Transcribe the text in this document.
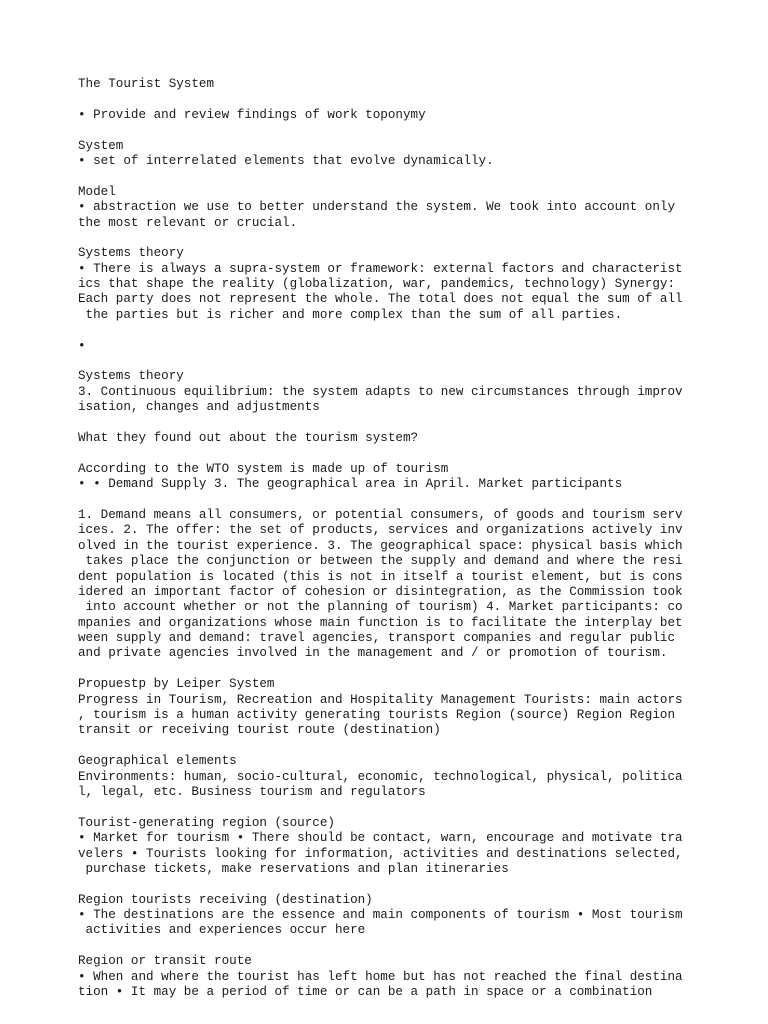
The Tourist System
• Provide and review findings of work toponymy
System
• set of interrelated elements that evolve dynamically.
Model
• abstraction we use to better understand the system. We took into account only
the most relevant or crucial.
Systems theory
• There is always a supra-system or framework: external factors and characterist
ics that shape the reality (globalization, war, pandemics, technology) Synergy:
Each party does not represent the whole. The total does not equal the sum of all
the parties but is richer and more complex than the sum of all parties.
•
Systems theory
3. Continuous equilibrium: the system adapts to new circumstances through improv
isation, changes and adjustments
What they found out about the tourism system?
According to the WTO system is made up of tourism
• • Demand Supply 3. The geographical area in April. Market participants
1. Demand means all consumers, or potential consumers, of goods and tourism serv
ices. 2. The offer: the set of products, services and organizations actively inv
olved in the tourist experience. 3. The geographical space: physical basis which
takes place the conjunction or between the supply and demand and where the resi
dent population is located (this is not in itself a tourist element, but is cons
idered an important factor of cohesion or disintegration, as the Commission took
into account whether or not the planning of tourism) 4. Market participants: co
mpanies and organizations whose main function is to facilitate the interplay bet
ween supply and demand: travel agencies, transport companies and regular public
and private agencies involved in the management and / or promotion of tourism.
Propuestp by Leiper System
Progress in Tourism, Recreation and Hospitality Management Tourists: main actors
, tourism is a human activity generating tourists Region (source) Region Region
transit or receiving tourist route (destination)
Geographical elements
Environments: human, socio-cultural, economic, technological, physical, politica
l, legal, etc. Business tourism and regulators
Tourist-generating region (source)
• Market for tourism • There should be contact, warn, encourage and motivate tra
velers • Tourists looking for information, activities and destinations selected,
purchase tickets, make reservations and plan itineraries
Region tourists receiving (destination)
• The destinations are the essence and main components of tourism • Most tourism
activities and experiences occur here
Region or transit route
• When and where the tourist has left home but has not reached the final destina
tion • It may be a period of time or can be a path in space or a combination
